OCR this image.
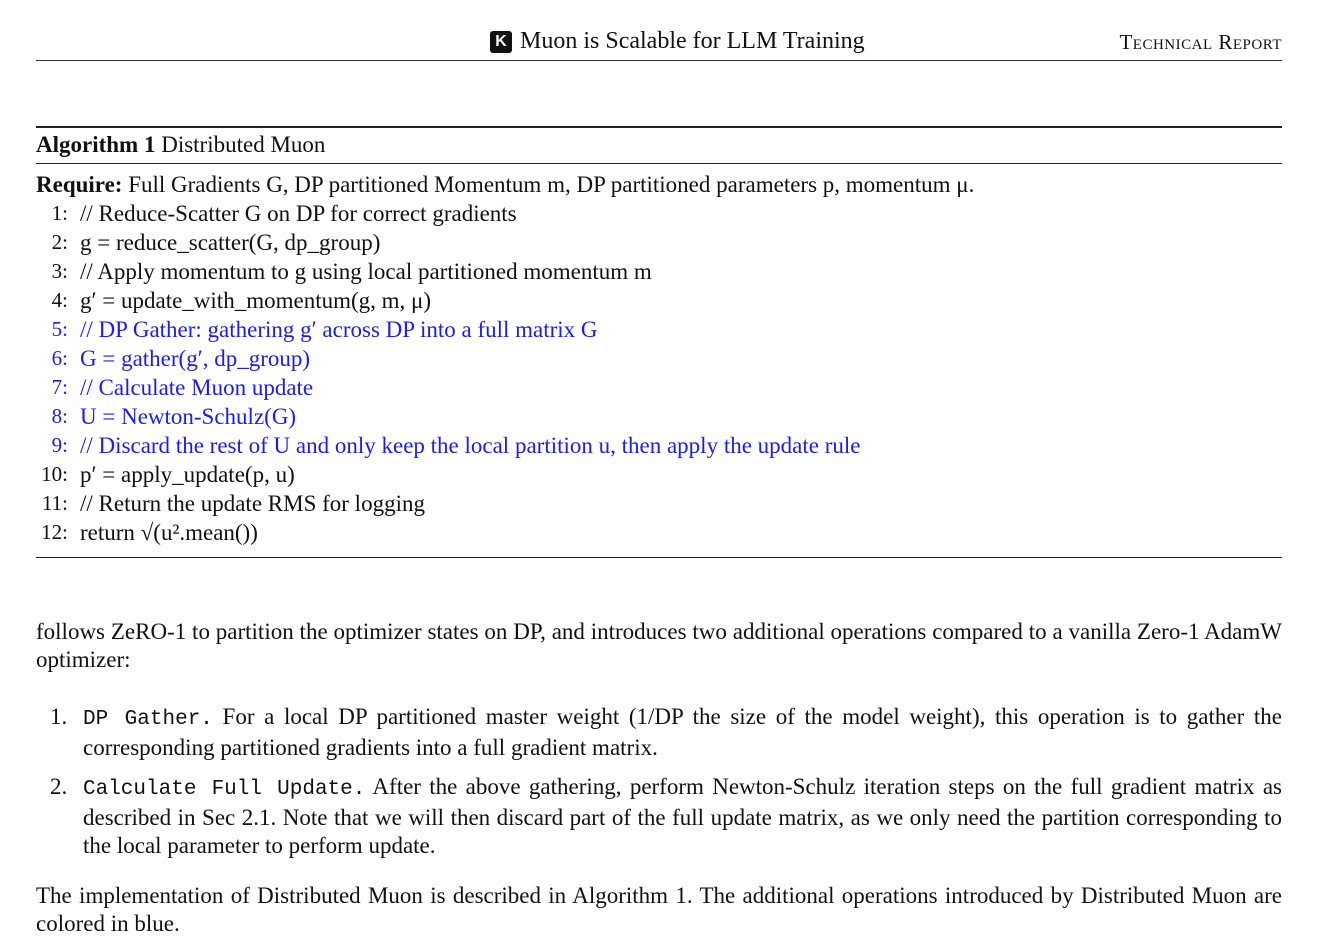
K Muon is Scalable for LLM Training	Technical Report
Algorithm 1 Distributed Muon
Require: Full Gradients G, DP partitioned Momentum m, DP partitioned parameters p, momentum μ.
1: // Reduce-Scatter G on DP for correct gradients
2: g = reduce_scatter(G, dp_group)
3: // Apply momentum to g using local partitioned momentum m
4: g′ = update_with_momentum(g, m, μ)
5: // DP Gather: gathering g′ across DP into a full matrix G
6: G = gather(g′, dp_group)
7: // Calculate Muon update
8: U = Newton-Schulz(G)
9: // Discard the rest of U and only keep the local partition u, then apply the update rule
10: p′ = apply_update(p, u)
11: // Return the update RMS for logging
12: return √(u².mean())
follows ZeRO-1 to partition the optimizer states on DP, and introduces two additional operations compared to a vanilla Zero-1 AdamW optimizer:
1. DP Gather. For a local DP partitioned master weight (1/DP the size of the model weight), this operation is to gather the corresponding partitioned gradients into a full gradient matrix.
2. Calculate Full Update. After the above gathering, perform Newton-Schulz iteration steps on the full gradient matrix as described in Sec 2.1. Note that we will then discard part of the full update matrix, as we only need the partition corresponding to the local parameter to perform update.
The implementation of Distributed Muon is described in Algorithm 1. The additional operations introduced by Distributed Muon are colored in blue.
